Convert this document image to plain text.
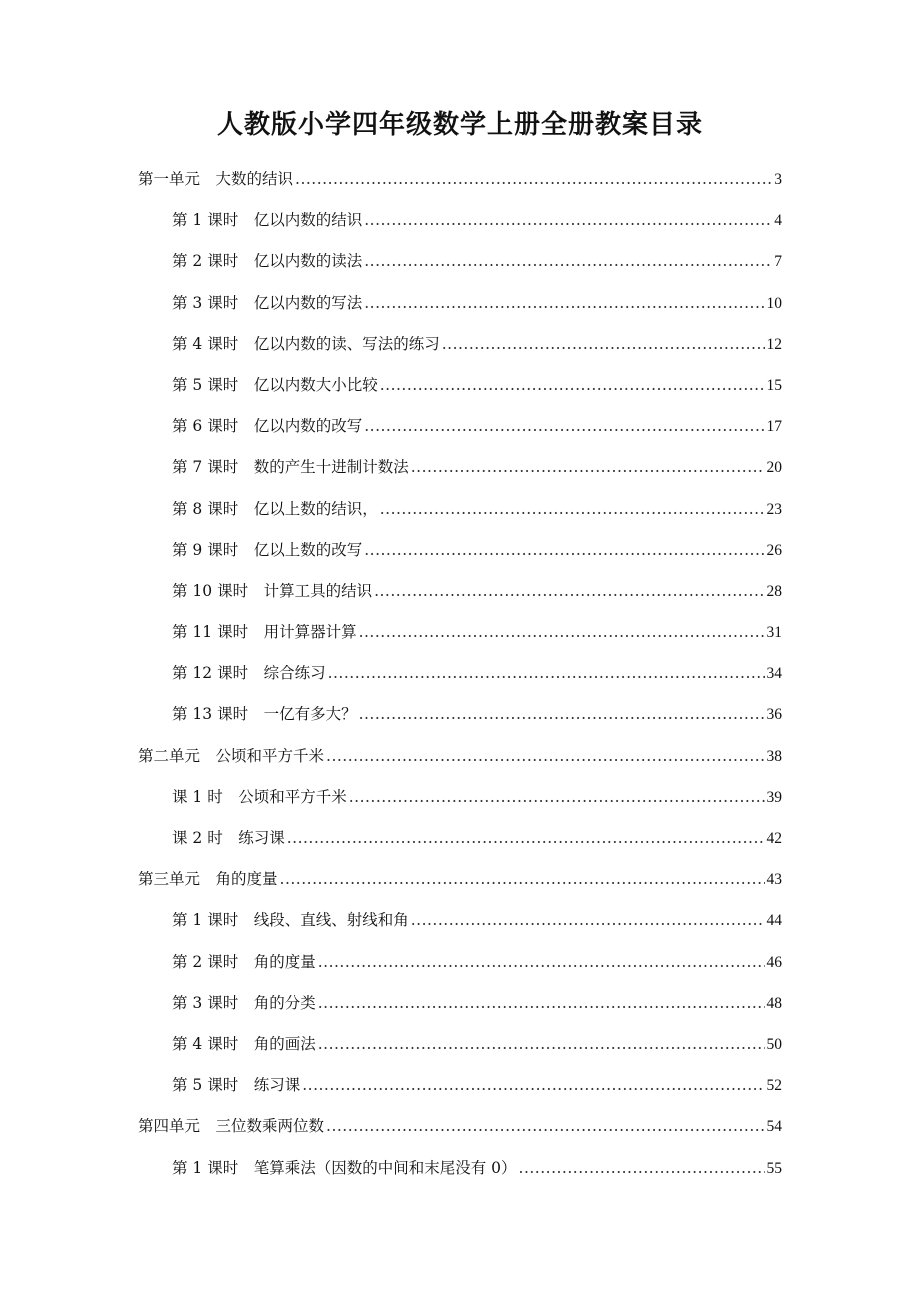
人教版小学四年级数学上册全册教案目录
第一单元　大数的结识 .....	3
第 1 课时　亿以内数的结识 .....	4
第 2 课时　亿以内数的读法 .....	7
第 3 课时　亿以内数的写法 .....	10
第 4 课时　亿以内数的读、写法的练习 .....	12
第 5 课时　亿以内数大小比较 .....	15
第 6 课时　亿以内数的改写 .....	17
第 7 课时　数的产生十进制计数法 .....	20
第 8 课时　亿以上数的结识， .....	23
第 9 课时　亿以上数的改写 .....	26
第 10 课时　计算工具的结识 .....	28
第 11 课时　用计算器计算 .....	31
第 12 课时　综合练习 .....	34
第 13 课时　一亿有多大？ .....	36
第二单元　公顷和平方千米 .....	38
课 1 时　公顷和平方千米 .....	39
课 2 时　练习课 .....	42
第三单元　角的度量 .....	43
第 1 课时　线段、直线、射线和角 .....	44
第 2 课时　角的度量 .....	46
第 3 课时　角的分类 .....	48
第 4 课时　角的画法 .....	50
第 5 课时　练习课 .....	52
第四单元　三位数乘两位数 .....	54
第 1 课时　笔算乘法（因数的中间和末尾没有 0） .....	55
